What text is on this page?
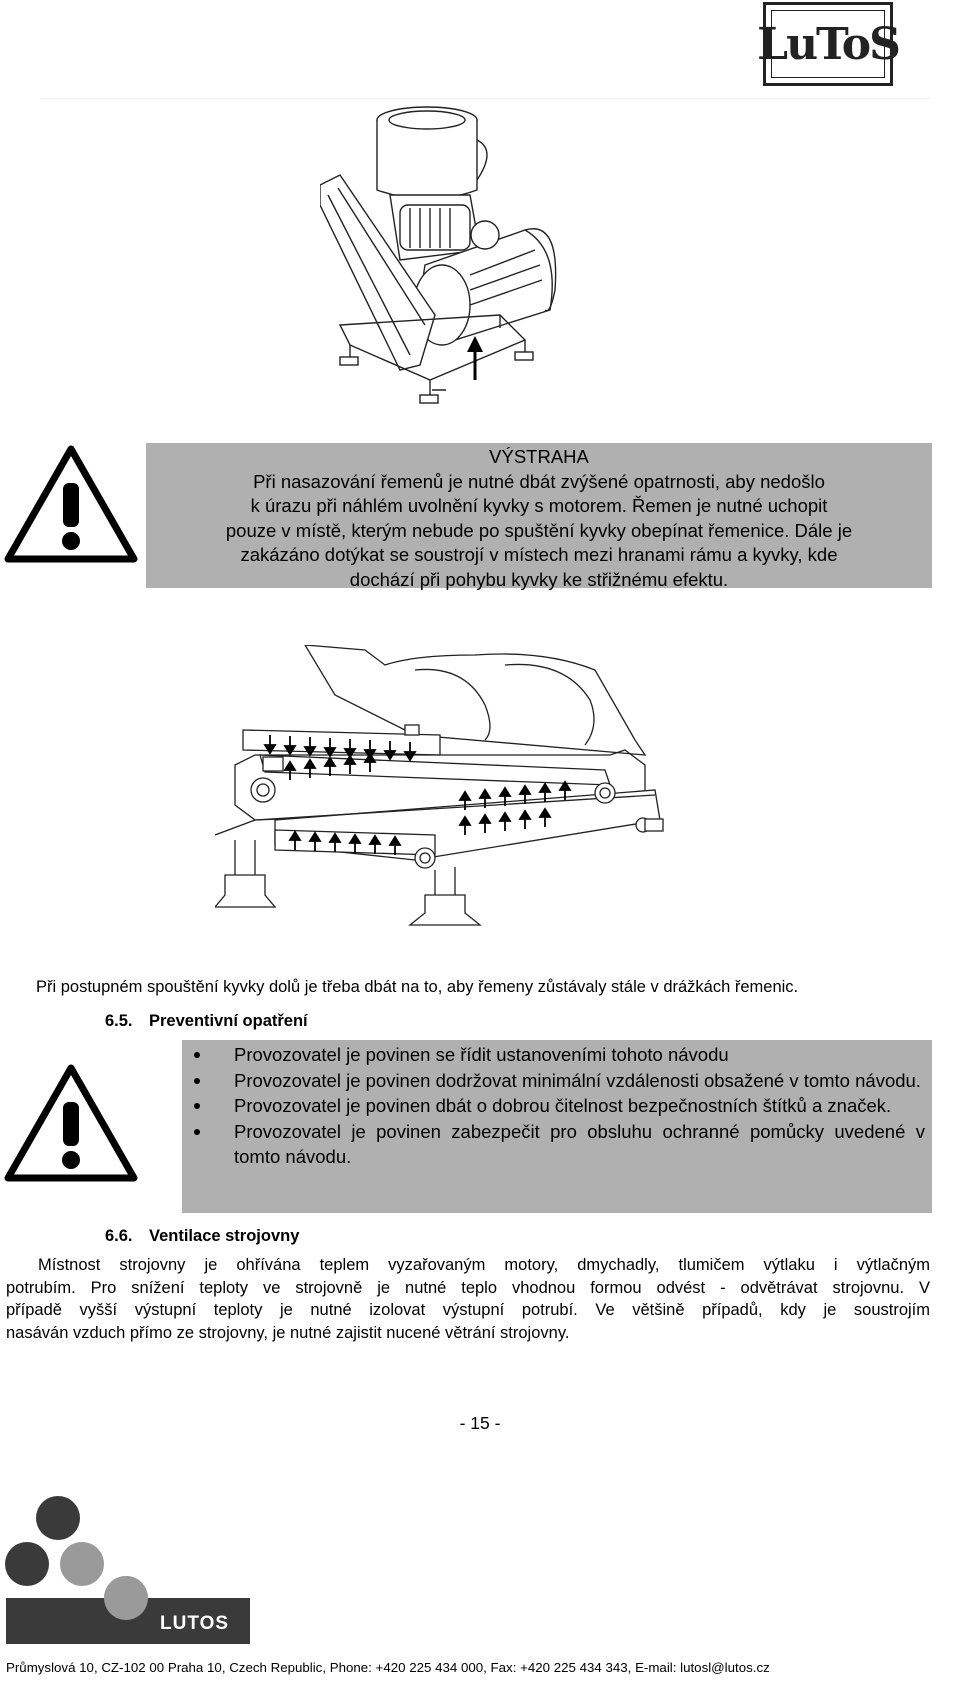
LuToS
VÝSTRAHA
Při nasazování řemenů je nutné dbát zvýšené opatrnosti, aby nedošlo
k úrazu při náhlém uvolnění kyvky s motorem. Řemen je nutné uchopit
pouze v místě, kterým nebude po spuštění kyvky obepínat řemenice. Dále je
zakázáno dotýkat se soustrojí v místech mezi hranami rámu a kyvky, kde
dochází při pohybu kyvky ke střižnému efektu.
Při postupném spouštění kyvky dolů je třeba dbát na to, aby řemeny zůstávaly stále v drážkách řemenic.
6.5. Preventivní opatření
Provozovatel je povinen se řídit ustanoveními tohoto návodu
Provozovatel je povinen dodržovat minimální vzdálenosti obsažené v tomto návodu.
Provozovatel je povinen dbát o dobrou čitelnost bezpečnostních štítků a značek.
Provozovatel je povinen zabezpečit pro obsluhu ochranné pomůcky uvedené v tomto návodu.
6.6. Ventilace strojovny
Místnost strojovny je ohřívána teplem vyzařovaným motory, dmychadly, tlumičem výtlaku i výtlačným
potrubím. Pro snížení teploty ve strojovně je nutné teplo vhodnou formou odvést - odvětrávat strojovnu. V
případě vyšší výstupní teploty je nutné izolovat výstupní potrubí. Ve většině případů, kdy je soustrojím
nasáván vzduch přímo ze strojovny, je nutné zajistit nucené větrání strojovny.
- 15 -
LUTOS
Průmyslová 10, CZ-102 00 Praha 10, Czech Republic, Phone: +420 225 434 000, Fax: +420 225 434 343, E-mail: lutosl@lutos.cz
